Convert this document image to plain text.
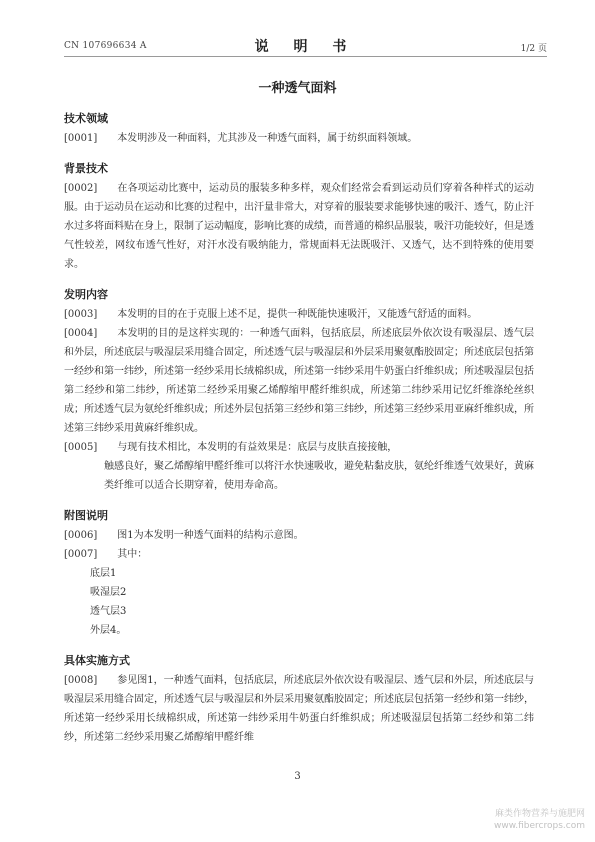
CN 107696634 A	说 明 书	1/2 页
一种透气面料
技术领域

[0001]   本发明涉及一种面料，尤其涉及一种透气面料，属于纺织面料领域。

背景技术

[0002]   在各项运动比赛中，运动员的服装多种多样，观众们经常会看到运动员们穿着各种样式的运动服。由于运动员在运动和比赛的过程中，出汗量非常大，对穿着的服装要求能够快速的吸汗、透气，防止汗水过多将面料贴在身上，限制了运动幅度，影响比赛的成绩，而普通的棉织品服装，吸汗功能较好，但是透气性较差，网纹布透气性好，对汗水没有吸纳能力，常规面料无法既吸汗、又透气，达不到特殊的使用要求。

发明内容

[0003]   本发明的目的在于克服上述不足，提供一种既能快速吸汗，又能透气舒适的面料。

[0004]   本发明的目的是这样实现的：一种透气面料，包括底层，所述底层外依次设有吸湿层、透气层和外层，所述底层与吸湿层采用缝合固定，所述透气层与吸湿层和外层采用聚氨酯胶固定；所述底层包括第一经纱和第一纬纱，所述第一经纱采用长绒棉织成，所述第一纬纱采用牛奶蛋白纤维织成；所述吸湿层包括第二经纱和第二纬纱，所述第二经纱采用聚乙烯醇缩甲醛纤维织成，所述第二纬纱采用记忆纤维涤纶丝织成；所述透气层为氨纶纤维织成；所述外层包括第三经纱和第三纬纱，所述第三经纱采用亚麻纤维织成，所述第三纬纱采用黄麻纤维织成。

[0005]   与现有技术相比，本发明的有益效果是：底层与皮肤直接接触，

触感良好，聚乙烯醇缩甲醛纤维可以将汗水快速吸收，避免粘黏皮肤，氨纶纤维透气效果好，黄麻类纤维可以适合长期穿着，使用寿命高。

附图说明

[0006]   图1为本发明一种透气面料的结构示意图。

[0007]   其中：

底层1
吸湿层2
透气层3
外层4。
具体实施方式

[0008]   参见图1，一种透气面料，包括底层，所述底层外依次设有吸湿层、透气层和外层，所述底层与吸湿层采用缝合固定，所述透气层与吸湿层和外层采用聚氨酯胶固定；所述底层包括第一经纱和第一纬纱，所述第一经纱采用长绒棉织成，所述第一纬纱采用牛奶蛋白纤维织成；所述吸湿层包括第二经纱和第二纬纱，所述第二经纱采用聚乙烯醇缩甲醛纤维

3
麻类作物营养与施肥网
www.fibercrops.com
